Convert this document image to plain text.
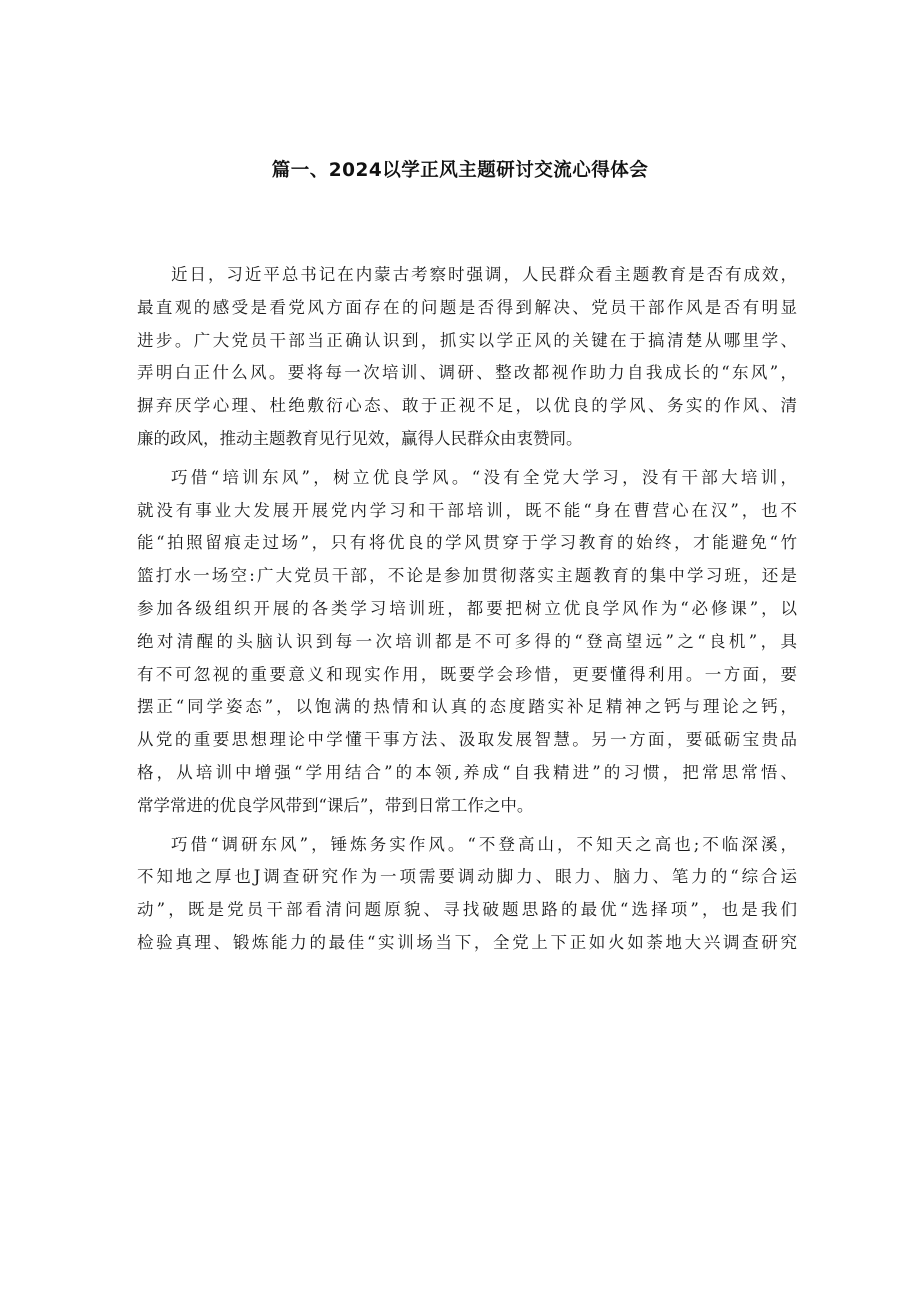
篇一、2024以学正风主题研讨交流心得体会
近日，习近平总书记在内蒙古考察时强调，人民群众看主题教育是否有成效，
最直观的感受是看党风方面存在的问题是否得到解决、党员干部作风是否有明显
进步。广大党员干部当正确认识到，抓实以学正风的关键在于搞清楚从哪里学、
弄明白正什么风。要将每一次培训、调研、整改都视作助力自我成长的“东风”，
摒弃厌学心理、杜绝敷衍心态、敢于正视不足，以优良的学风、务实的作风、清
廉的政风，推动主题教育见行见效，赢得人民群众由衷赞同。
巧借“培训东风”，树立优良学风。“没有全党大学习，没有干部大培训，
就没有事业大发展开展党内学习和干部培训，既不能“身在曹营心在汉”，也不
能“拍照留痕走过场”，只有将优良的学风贯穿于学习教育的始终，才能避免“竹
篮打水一场空:广大党员干部，不论是参加贯彻落实主题教育的集中学习班，还是
参加各级组织开展的各类学习培训班，都要把树立优良学风作为“必修课”，以
绝对清醒的头脑认识到每一次培训都是不可多得的“登高望远”之“良机”，具
有不可忽视的重要意义和现实作用，既要学会珍惜，更要懂得利用。一方面，要
摆正“同学姿态”，以饱满的热情和认真的态度踏实补足精神之钙与理论之钙，
从党的重要思想理论中学懂干事方法、汲取发展智慧。另一方面，要砥砺宝贵品
格，从培训中增强“学用结合”的本领,养成“自我精进”的习惯，把常思常悟、
常学常进的优良学风带到“课后”，带到日常工作之中。
巧借“调研东风”，锤炼务实作风。“不登高山，不知天之高也;不临深溪，
不知地之厚也J调查研究作为一项需要调动脚力、眼力、脑力、笔力的“综合运
动”，既是党员干部看清问题原貌、寻找破题思路的最优“选择项”，也是我们
检验真理、锻炼能力的最佳“实训场当下，全党上下正如火如荼地大兴调查研究
